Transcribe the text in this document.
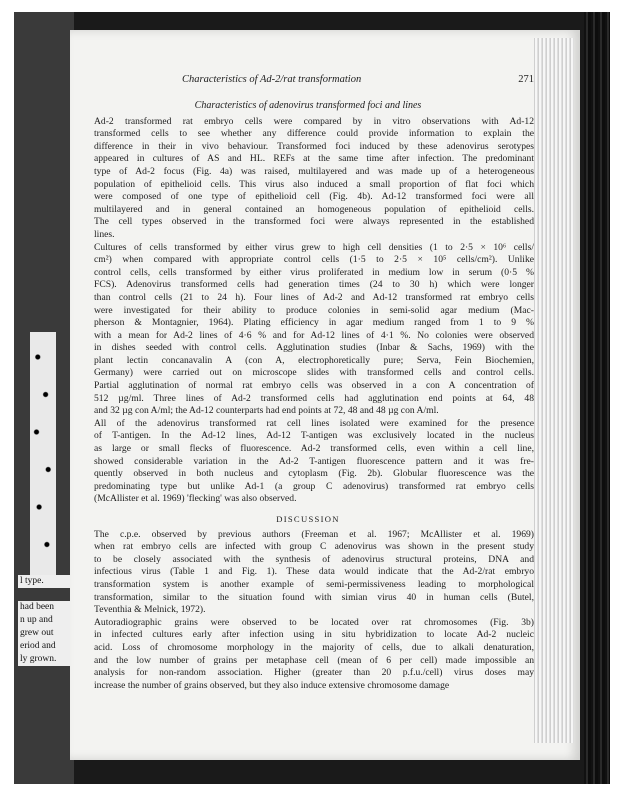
l type.
had been
n up and
grew out
eriod and
ly grown.
Characteristics of Ad-2/rat transformation	271
Characteristics of adenovirus transformed foci and lines

Ad-2 transformed rat embryo cells were compared by in vitro observations with Ad-12
transformed cells to see whether any difference could provide information to explain the
difference in their in vivo behaviour. Transformed foci induced by these adenovirus serotypes
appeared in cultures of AS and HL. REFs at the same time after infection. The predominant
type of Ad-2 focus (Fig. 4a) was raised, multilayered and was made up of a heterogeneous
population of epithelioid cells. This virus also induced a small proportion of flat foci which
were composed of one type of epithelioid cell (Fig. 4b). Ad-12 transformed foci were all
multilayered and in general contained an homogeneous population of epithelioid cells.
The cell types observed in the transformed foci were always represented in the established
lines.

Cultures of cells transformed by either virus grew to high cell densities (1 to 2·5 × 10⁶ cells/
cm²) when compared with appropriate control cells (1·5 to 2·5 × 10⁵ cells/cm²). Unlike
control cells, cells transformed by either virus proliferated in medium low in serum (0·5 %
FCS). Adenovirus transformed cells had generation times (24 to 30 h) which were longer
than control cells (21 to 24 h). Four lines of Ad-2 and Ad-12 transformed rat embryo cells
were investigated for their ability to produce colonies in semi-solid agar medium (Mac-
pherson & Montagnier, 1964). Plating efficiency in agar medium ranged from 1 to 9 %
with a mean for Ad-2 lines of 4·6 % and for Ad-12 lines of 4·1 %. No colonies were observed
in dishes seeded with control cells. Agglutination studies (Inbar & Sachs, 1969) with the
plant lectin concanavalin A (con A, electrophoretically pure; Serva, Fein Biochemien,
Germany) were carried out on microscope slides with transformed cells and control cells.
Partial agglutination of normal rat embryo cells was observed in a con A concentration of
512 µg/ml. Three lines of Ad-2 transformed cells had agglutination end points at 64, 48
and 32 µg con A/ml; the Ad-12 counterparts had end points at 72, 48 and 48 µg con A/ml.

All of the adenovirus transformed rat cell lines isolated were examined for the presence
of T-antigen. In the Ad-12 lines, Ad-12 T-antigen was exclusively located in the nucleus
as large or small flecks of fluorescence. Ad-2 transformed cells, even within a cell line,
showed considerable variation in the Ad-2 T-antigen fluorescence pattern and it was fre-
quently observed in both nucleus and cytoplasm (Fig. 2b). Globular fluorescence was the
predominating type but unlike Ad-1 (a group C adenovirus) transformed rat embryo cells
(McAllister et al. 1969) 'flecking' was also observed.

DISCUSSION

The c.p.e. observed by previous authors (Freeman et al. 1967; McAllister et al. 1969)
when rat embryo cells are infected with group C adenovirus was shown in the present study
to be closely associated with the synthesis of adenovirus structural proteins, DNA and
infectious virus (Table 1 and Fig. 1). These data would indicate that the Ad-2/rat embryo
transformation system is another example of semi-permissiveness leading to morphological
transformation, similar to the situation found with simian virus 40 in human cells (Butel,
Teventhia & Melnick, 1972).

Autoradiographic grains were observed to be located over rat chromosomes (Fig. 3b)
in infected cultures early after infection using in situ hybridization to locate Ad-2 nucleic
acid. Loss of chromosome morphology in the majority of cells, due to alkali denaturation,
and the low number of grains per metaphase cell (mean of 6 per cell) made impossible an
analysis for non-random association. Higher (greater than 20 p.f.u./cell) virus doses may
increase the number of grains observed, but they also induce extensive chromosome damage
